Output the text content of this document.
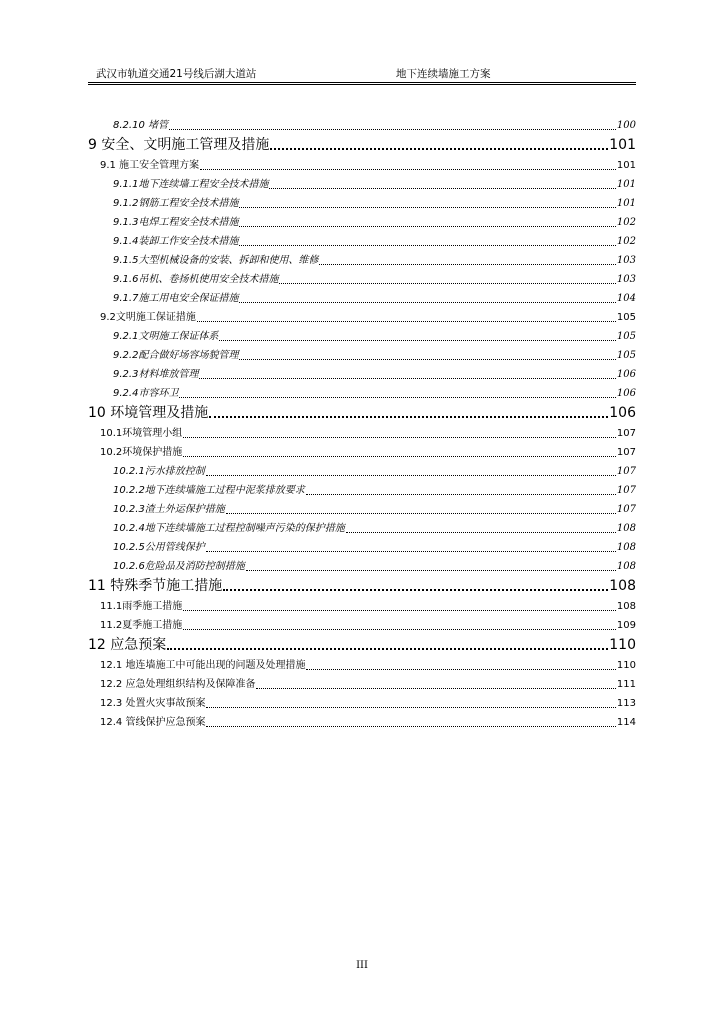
武汉市轨道交通21号线后湖大道站	地下连续墙施工方案
8.2.10 堵管	100
9 安全、文明施工管理及措施	101
9.1 施工安全管理方案	101
9.1.1地下连续墙工程安全技术措施	101
9.1.2钢筋工程安全技术措施	101
9.1.3电焊工程安全技术措施	102
9.1.4装卸工作安全技术措施	102
9.1.5大型机械设备的安装、拆卸和使用、维修	103
9.1.6吊机、卷扬机使用安全技术措施	103
9.1.7施工用电安全保证措施	104
9.2文明施工保证措施	105
9.2.1文明施工保证体系	105
9.2.2配合做好场容场貌管理	105
9.2.3材料堆放管理	106
9.2.4市容环卫	106
10 环境管理及措施	106
10.1环境管理小组	107
10.2环境保护措施	107
10.2.1污水排放控制	107
10.2.2地下连续墙施工过程中泥浆排放要求	107
10.2.3渣土外运保护措施	107
10.2.4地下连续墙施工过程控制噪声污染的保护措施	108
10.2.5公用管线保护	108
10.2.6危险品及消防控制措施	108
11 特殊季节施工措施	108
11.1雨季施工措施	108
11.2夏季施工措施	109
12 应急预案	110
12.1 地连墙施工中可能出现的问题及处理措施	110
12.2 应急处理组织结构及保障准备	111
12.3 处置火灾事故预案	113
12.4 管线保护应急预案	114
III
